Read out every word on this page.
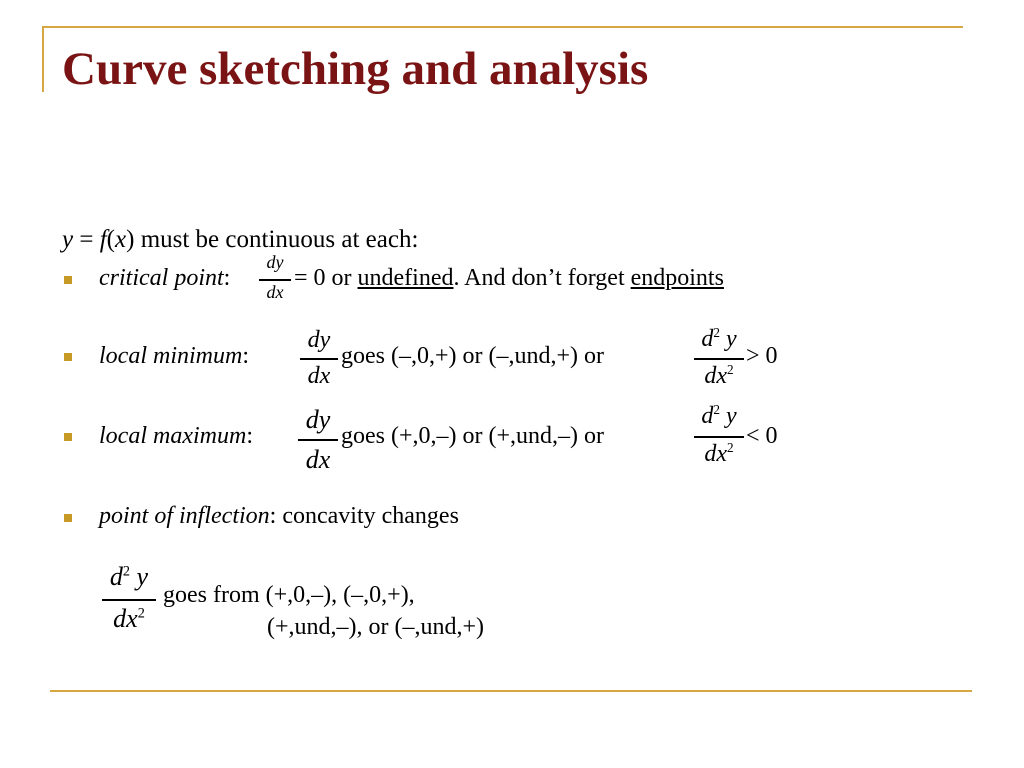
Curve sketching and analysis
y = f(x) must be continuous at each:
critical point:
dy
dx
= 0 or undefined. And don’t forget endpoints
local minimum:
dy
dx
goes (–,0,+) or (–,und,+) or
$d^2$ y
$dx^2$
> 0
local maximum:
dy
dx
goes (+,0,–) or (+,und,–) or
$d^2$ y
$dx^2 < 0$
point of inflection: concavity changes
$d^2$ y
$dx^2$
goes from (+,0,–), (–,0,+),
(+,und,–), or (–,und,+)
